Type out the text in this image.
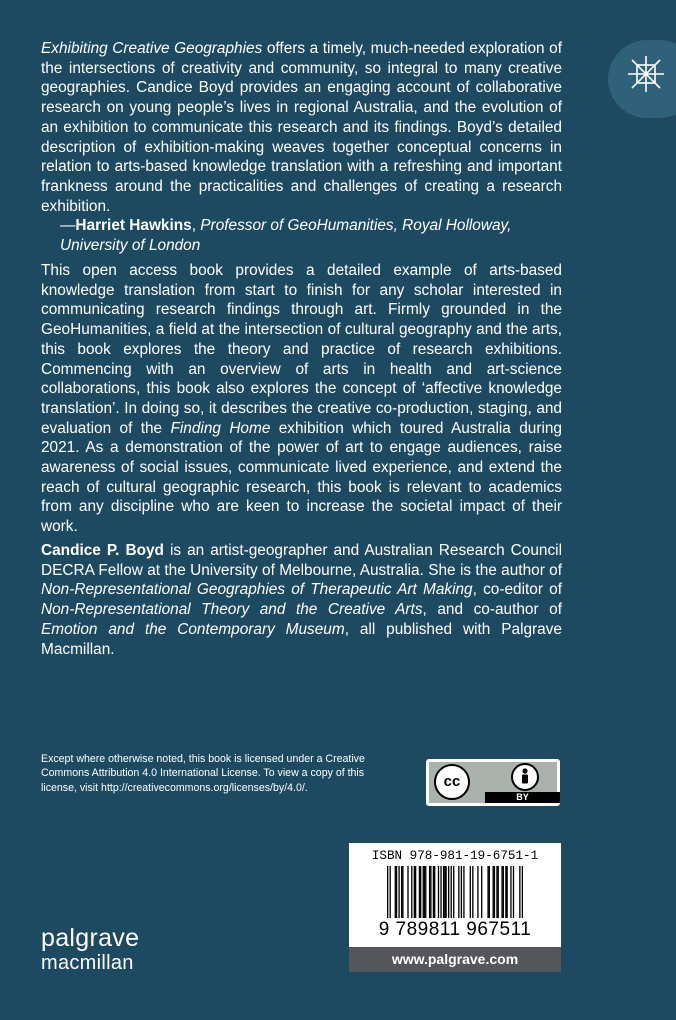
Exhibiting Creative Geographies offers a timely, much-needed exploration of the intersections of creativity and community, so integral to many creative geographies. Candice Boyd provides an engaging account of collaborative research on young people’s lives in regional Australia, and the evolution of an exhibition to communicate this research and its findings. Boyd’s detailed description of exhibition-making weaves together conceptual concerns in relation to arts-based knowledge translation with a refreshing and important frankness around the practicalities and challenges of creating a research exhibition.

—Harriet Hawkins, Professor of GeoHumanities, Royal Holloway, University of London

This open access book provides a detailed example of arts-based knowledge translation from start to finish for any scholar interested in communicating research findings through art. Firmly grounded in the GeoHumanities, a field at the intersection of cultural geography and the arts, this book explores the theory and practice of research exhibitions. Commencing with an overview of arts in health and art-science collaborations, this book also explores the concept of ‘affective knowledge translation’. In doing so, it describes the creative co-production, staging, and evaluation of the Finding Home exhibition which toured Australia during 2021. As a demonstration of the power of art to engage audiences, raise awareness of social issues, communicate lived experience, and extend the reach of cultural geographic research, this book is relevant to academics from any discipline who are keen to increase the societal impact of their work.

Candice P. Boyd is an artist-geographer and Australian Research Council DECRA Fellow at the University of Melbourne, Australia. She is the author of Non-Representational Geographies of Therapeutic Art Making, co-editor of Non-Representational Theory and the Creative Arts, and co-author of Emotion and the Contemporary Museum, all published with Palgrave Macmillan.

Except where otherwise noted, this book is licensed under a Creative Commons Attribution 4.0 International License. To view a copy of this license, visit http://creativecommons.org/licenses/by/4.0/.	cc
BY
ISBN 978-981-19-6751-1
9 789811 967511
www.palgrave.com
palgrave
macmillan
